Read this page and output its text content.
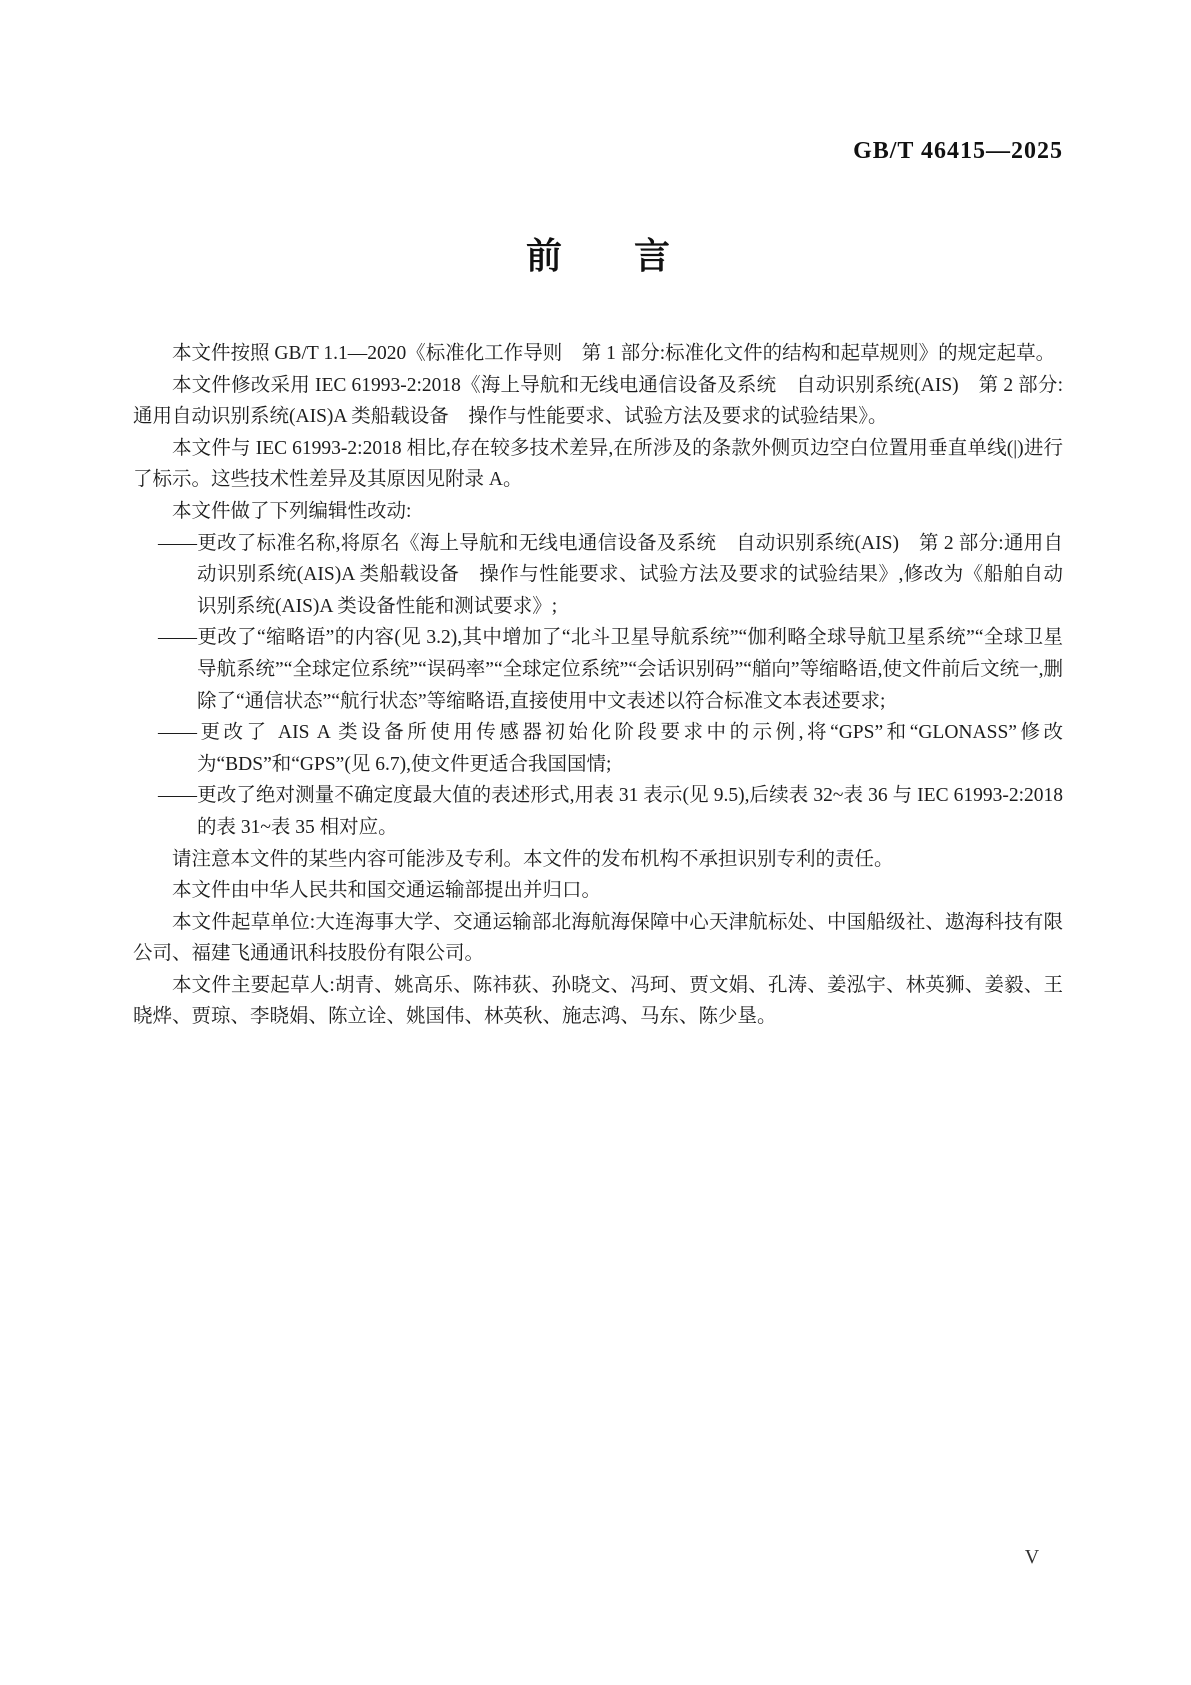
GB/T 46415—2025
前　　言

本文件按照 GB/T 1.1—2020《标准化工作导则　第 1 部分:标准化文件的结构和起草规则》的规定起草。

本文件修改采用 IEC 61993-2:2018《海上导航和无线电通信设备及系统　自动识别系统(AIS)　第 2 部分:通用自动识别系统(AIS)A 类船载设备　操作与性能要求、试验方法及要求的试验结果》。

本文件与 IEC 61993-2:2018 相比,存在较多技术差异,在所涉及的条款外侧页边空白位置用垂直单线(|)进行了标示。这些技术性差异及其原因见附录 A。

本文件做了下列编辑性改动:

——更改了标准名称,将原名《海上导航和无线电通信设备及系统　自动识别系统(AIS)　第 2 部分:通用自动识别系统(AIS)A 类船载设备　操作与性能要求、试验方法及要求的试验结果》,修改为《船舶自动识别系统(AIS)A 类设备性能和测试要求》;

——更改了“缩略语”的内容(见 3.2),其中增加了“北斗卫星导航系统”“伽利略全球导航卫星系统”“全球卫星导航系统”“全球定位系统”“误码率”“全球定位系统”“会话识别码”“艏向”等缩略语,使文件前后文统一,删除了“通信状态”“航行状态”等缩略语,直接使用中文表述以符合标准文本表述要求;

——更改了 AIS A 类设备所使用传感器初始化阶段要求中的示例,将“GPS”和“GLONASS”修改为“BDS”和“GPS”(见 6.7),使文件更适合我国国情;

——更改了绝对测量不确定度最大值的表述形式,用表 31 表示(见 9.5),后续表 32~表 36 与 IEC 61993-2:2018 的表 31~表 35 相对应。

请注意本文件的某些内容可能涉及专利。本文件的发布机构不承担识别专利的责任。

本文件由中华人民共和国交通运输部提出并归口。

本文件起草单位:大连海事大学、交通运输部北海航海保障中心天津航标处、中国船级社、遨海科技有限公司、福建飞通通讯科技股份有限公司。

本文件主要起草人:胡青、姚高乐、陈祎荻、孙晓文、冯珂、贾文娟、孔涛、姜泓宇、林英狮、姜毅、王晓烨、贾琼、李晓娟、陈立诠、姚国伟、林英秋、施志鸿、马东、陈少垦。

V
